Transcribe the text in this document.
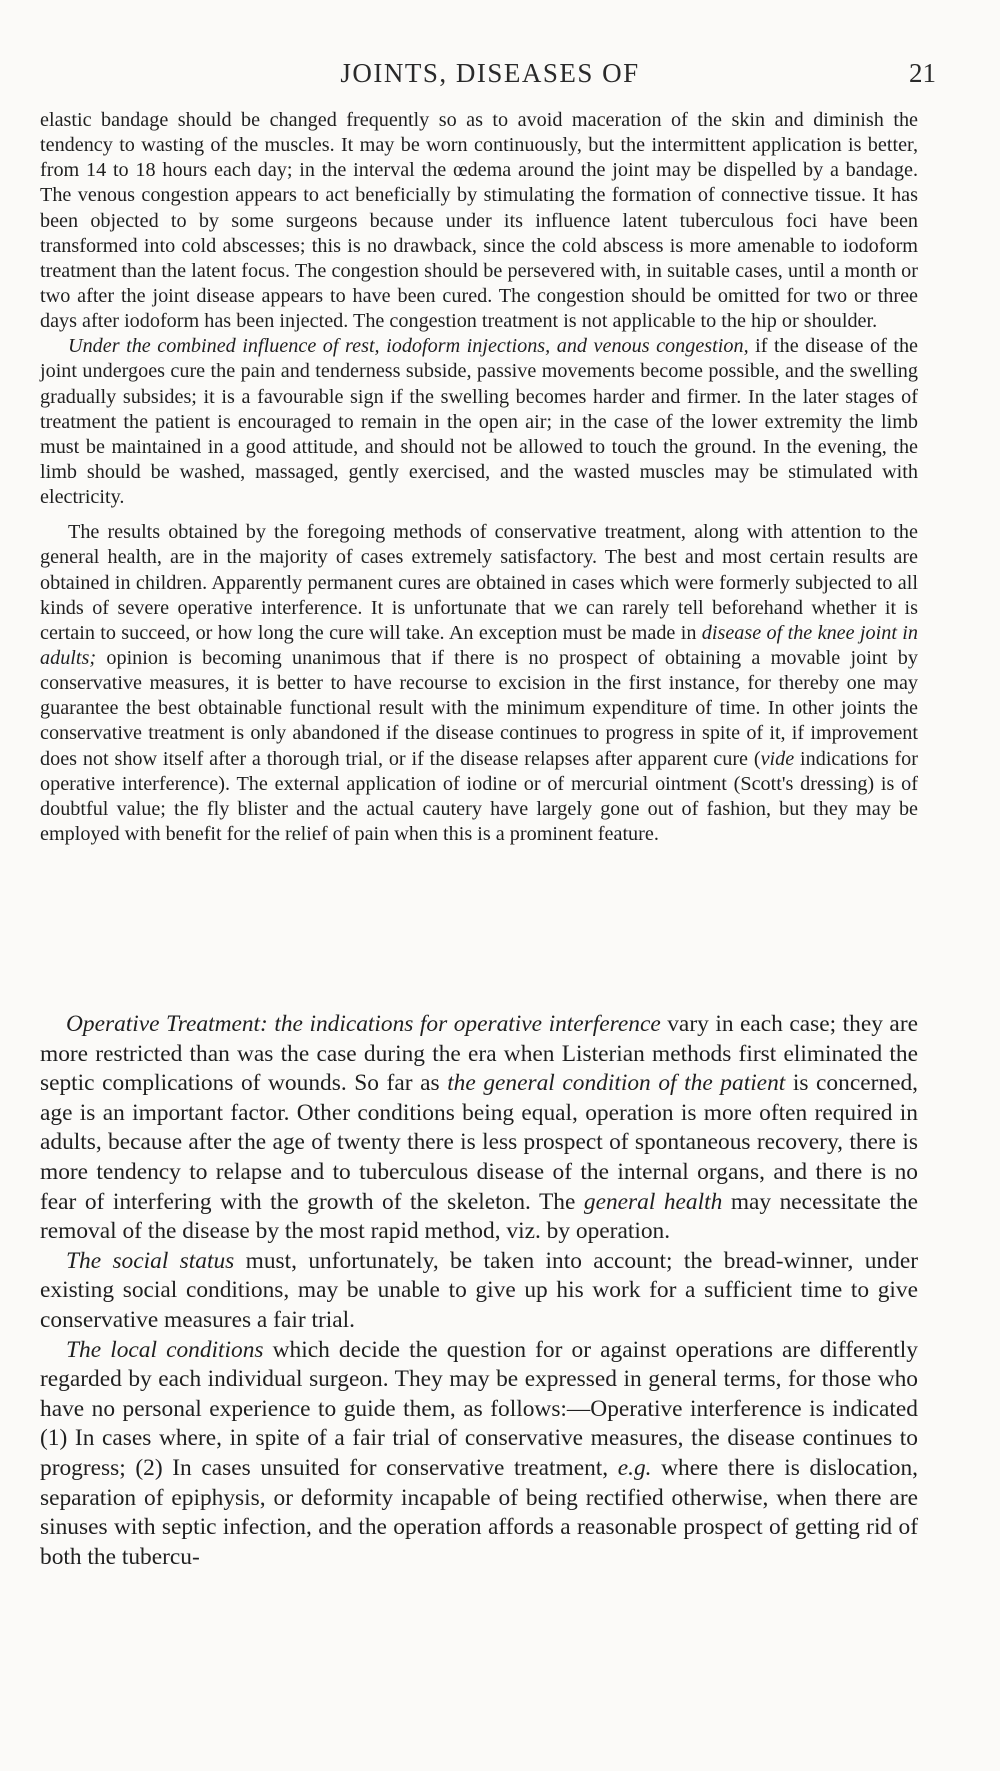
JOINTS, DISEASES OF	21

elastic bandage should be changed frequently so as to avoid maceration of the skin and diminish the tendency to wasting of the muscles. It may be worn continuously, but the intermittent application is better, from 14 to 18 hours each day; in the interval the œdema around the joint may be dispelled by a bandage. The venous congestion appears to act beneficially by stimulating the formation of connective tissue. It has been objected to by some surgeons because under its influence latent tuberculous foci have been transformed into cold abscesses; this is no drawback, since the cold abscess is more amenable to iodoform treatment than the latent focus. The congestion should be persevered with, in suitable cases, until a month or two after the joint disease appears to have been cured. The congestion should be omitted for two or three days after iodoform has been injected. The congestion treatment is not applicable to the hip or shoulder.

Under the combined influence of rest, iodoform injections, and venous congestion, if the disease of the joint undergoes cure the pain and tenderness subside, passive movements become possible, and the swelling gradually subsides; it is a favourable sign if the swelling becomes harder and firmer. In the later stages of treatment the patient is encouraged to remain in the open air; in the case of the lower extremity the limb must be maintained in a good attitude, and should not be allowed to touch the ground. In the evening, the limb should be washed, massaged, gently exercised, and the wasted muscles may be stimulated with electricity.

The results obtained by the foregoing methods of conservative treatment, along with attention to the general health, are in the majority of cases extremely satisfactory. The best and most certain results are obtained in children. Apparently permanent cures are obtained in cases which were formerly subjected to all kinds of severe operative interference. It is unfortunate that we can rarely tell beforehand whether it is certain to succeed, or how long the cure will take. An exception must be made in disease of the knee joint in adults; opinion is becoming unanimous that if there is no prospect of obtaining a movable joint by conservative measures, it is better to have recourse to excision in the first instance, for thereby one may guarantee the best obtainable functional result with the minimum expenditure of time. In other joints the conservative treatment is only abandoned if the disease continues to progress in spite of it, if improvement does not show itself after a thorough trial, or if the disease relapses after apparent cure (vide indications for operative interference). The external application of iodine or of mercurial ointment (Scott's dressing) is of doubtful value; the fly blister and the actual cautery have largely gone out of fashion, but they may be employed with benefit for the relief of pain when this is a prominent feature.

Operative Treatment: the indications for operative interference vary in each case; they are more restricted than was the case during the era when Listerian methods first eliminated the septic complications of wounds. So far as the general condition of the patient is concerned, age is an important factor. Other conditions being equal, operation is more often required in adults, because after the age of twenty there is less prospect of spontaneous recovery, there is more tendency to relapse and to tuberculous disease of the internal organs, and there is no fear of interfering with the growth of the skeleton. The general health may necessitate the removal of the disease by the most rapid method, viz. by operation.

The social status must, unfortunately, be taken into account; the bread-winner, under existing social conditions, may be unable to give up his work for a sufficient time to give conservative measures a fair trial.

The local conditions which decide the question for or against operations are differently regarded by each individual surgeon. They may be expressed in general terms, for those who have no personal experience to guide them, as follows:—Operative interference is indicated (1) In cases where, in spite of a fair trial of conservative measures, the disease continues to progress; (2) In cases unsuited for conservative treatment, e.g. where there is dislocation, separation of epiphysis, or deformity incapable of being rectified otherwise, when there are sinuses with septic infection, and the operation affords a reasonable prospect of getting rid of both the tubercu-
